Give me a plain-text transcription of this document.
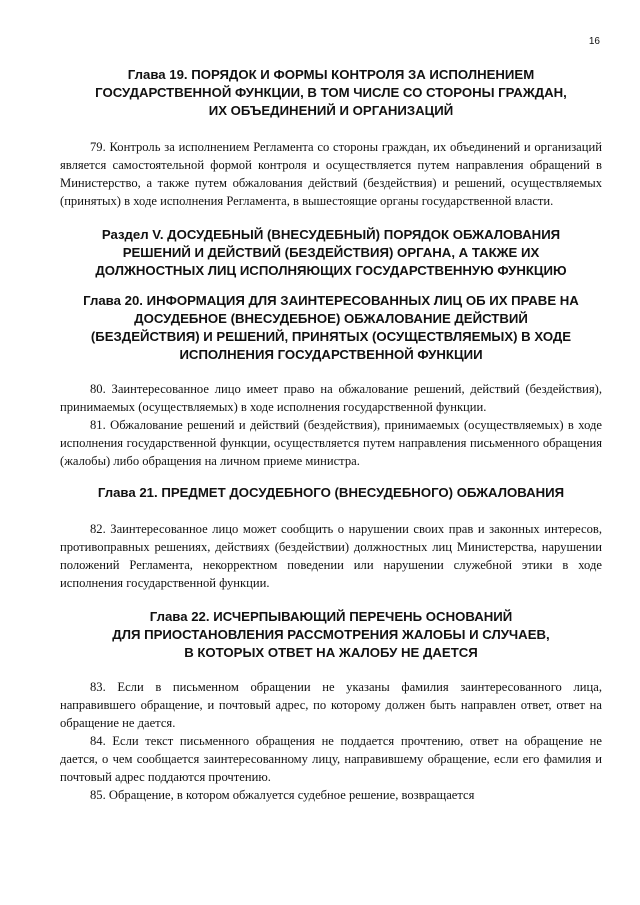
16
Глава 19. ПОРЯДОК И ФОРМЫ КОНТРОЛЯ ЗА ИСПОЛНЕНИЕМ
ГОСУДАРСТВЕННОЙ ФУНКЦИИ, В ТОМ ЧИСЛЕ СО СТОРОНЫ ГРАЖДАН,
ИХ ОБЪЕДИНЕНИЙ И ОРГАНИЗАЦИЙ

79. Контроль за исполнением Регламента со стороны граждан, их объединений и организаций является самостоятельной формой контроля и осуществляется путем направления обращений в Министерство, а также путем обжалования действий (бездействия) и решений, осуществляемых (принятых) в ходе исполнения Регламента, в вышестоящие органы государственной власти.

Раздел V. ДОСУДЕБНЫЙ (ВНЕСУДЕБНЫЙ) ПОРЯДОК ОБЖАЛОВАНИЯ
РЕШЕНИЙ И ДЕЙСТВИЙ (БЕЗДЕЙСТВИЯ) ОРГАНА, А ТАКЖЕ ИХ
ДОЛЖНОСТНЫХ ЛИЦ ИСПОЛНЯЮЩИХ ГОСУДАРСТВЕННУЮ ФУНКЦИЮ
Глава 20. ИНФОРМАЦИЯ ДЛЯ ЗАИНТЕРЕСОВАННЫХ ЛИЦ ОБ ИХ ПРАВЕ НА
ДОСУДЕБНОЕ (ВНЕСУДЕБНОЕ) ОБЖАЛОВАНИЕ ДЕЙСТВИЙ
(БЕЗДЕЙСТВИЯ) И РЕШЕНИЙ, ПРИНЯТЫХ (ОСУЩЕСТВЛЯЕМЫХ) В ХОДЕ
ИСПОЛНЕНИЯ ГОСУДАРСТВЕННОЙ ФУНКЦИИ

80. Заинтересованное лицо имеет право на обжалование решений, действий (бездействия), принимаемых (осуществляемых) в ходе исполнения государственной функции.

81. Обжалование решений и действий (бездействия), принимаемых (осуществляемых) в ходе исполнения государственной функции, осуществляется путем направления письменного обращения (жалобы) либо обращения на личном приеме министра.

Глава 21. ПРЕДМЕТ ДОСУДЕБНОГО (ВНЕСУДЕБНОГО) ОБЖАЛОВАНИЯ

82. Заинтересованное лицо может сообщить о нарушении своих прав и законных интересов, противоправных решениях, действиях (бездействии) должностных лиц Министерства, нарушении положений Регламента, некорректном поведении или нарушении служебной этики в ходе исполнения государственной функции.

Глава 22. ИСЧЕРПЫВАЮЩИЙ ПЕРЕЧЕНЬ ОСНОВАНИЙ
ДЛЯ ПРИОСТАНОВЛЕНИЯ РАССМОТРЕНИЯ ЖАЛОБЫ И СЛУЧАЕВ,
В КОТОРЫХ ОТВЕТ НА ЖАЛОБУ НЕ ДАЕТСЯ

83. Если в письменном обращении не указаны фамилия заинтересованного лица, направившего обращение, и почтовый адрес, по которому должен быть направлен ответ, ответ на обращение не дается.

84. Если текст письменного обращения не поддается прочтению, ответ на обращение не дается, о чем сообщается заинтересованному лицу, направившему обращение, если его фамилия и почтовый адрес поддаются прочтению.

85. Обращение, в котором обжалуется судебное решение, возвращается
